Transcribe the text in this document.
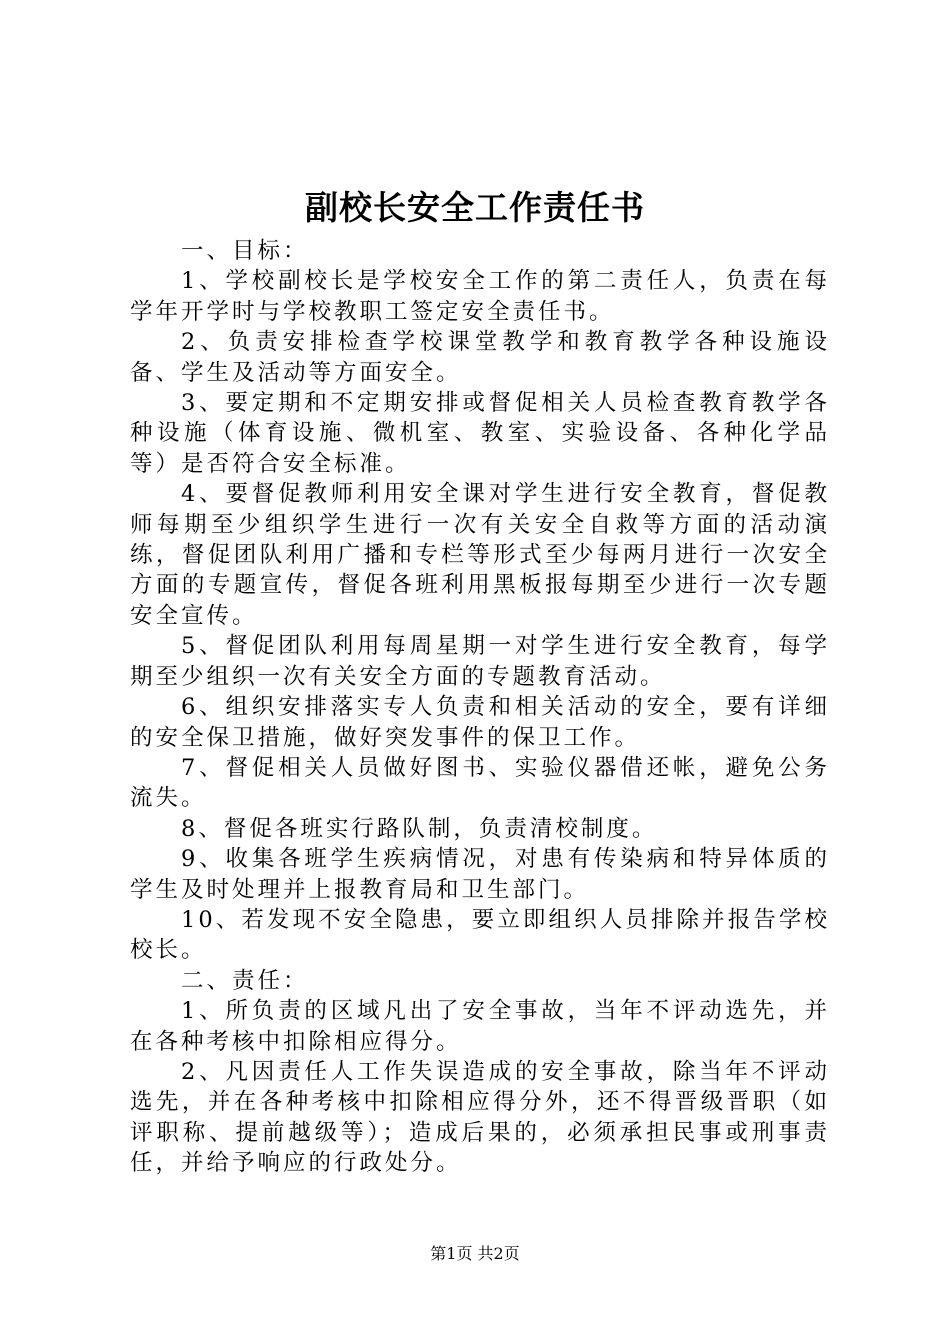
副校长安全工作责任书

一、目标：

1、学校副校长是学校安全工作的第二责任人，负责在每学年开学时与学校教职工签定安全责任书。

2、负责安排检查学校课堂教学和教育教学各种设施设备、学生及活动等方面安全。

3、要定期和不定期安排或督促相关人员检查教育教学各种设施（体育设施、微机室、教室、实验设备、各种化学品等）是否符合安全标准。

4、要督促教师利用安全课对学生进行安全教育，督促教师每期至少组织学生进行一次有关安全自救等方面的活动演练，督促团队利用广播和专栏等形式至少每两月进行一次安全方面的专题宣传，督促各班利用黑板报每期至少进行一次专题安全宣传。

5、督促团队利用每周星期一对学生进行安全教育，每学期至少组织一次有关安全方面的专题教育活动。

6、组织安排落实专人负责和相关活动的安全，要有详细的安全保卫措施，做好突发事件的保卫工作。

7、督促相关人员做好图书、实验仪器借还帐，避免公务流失。

8、督促各班实行路队制，负责清校制度。

9、收集各班学生疾病情况，对患有传染病和特异体质的学生及时处理并上报教育局和卫生部门。

10、若发现不安全隐患，要立即组织人员排除并报告学校校长。

二、责任：

1、所负责的区域凡出了安全事故，当年不评动选先，并在各种考核中扣除相应得分。

2、凡因责任人工作失误造成的安全事故，除当年不评动选先，并在各种考核中扣除相应得分外，还不得晋级晋职（如评职称、提前越级等）；造成后果的，必须承担民事或刑事责任，并给予响应的行政处分。

第1页 共2页
